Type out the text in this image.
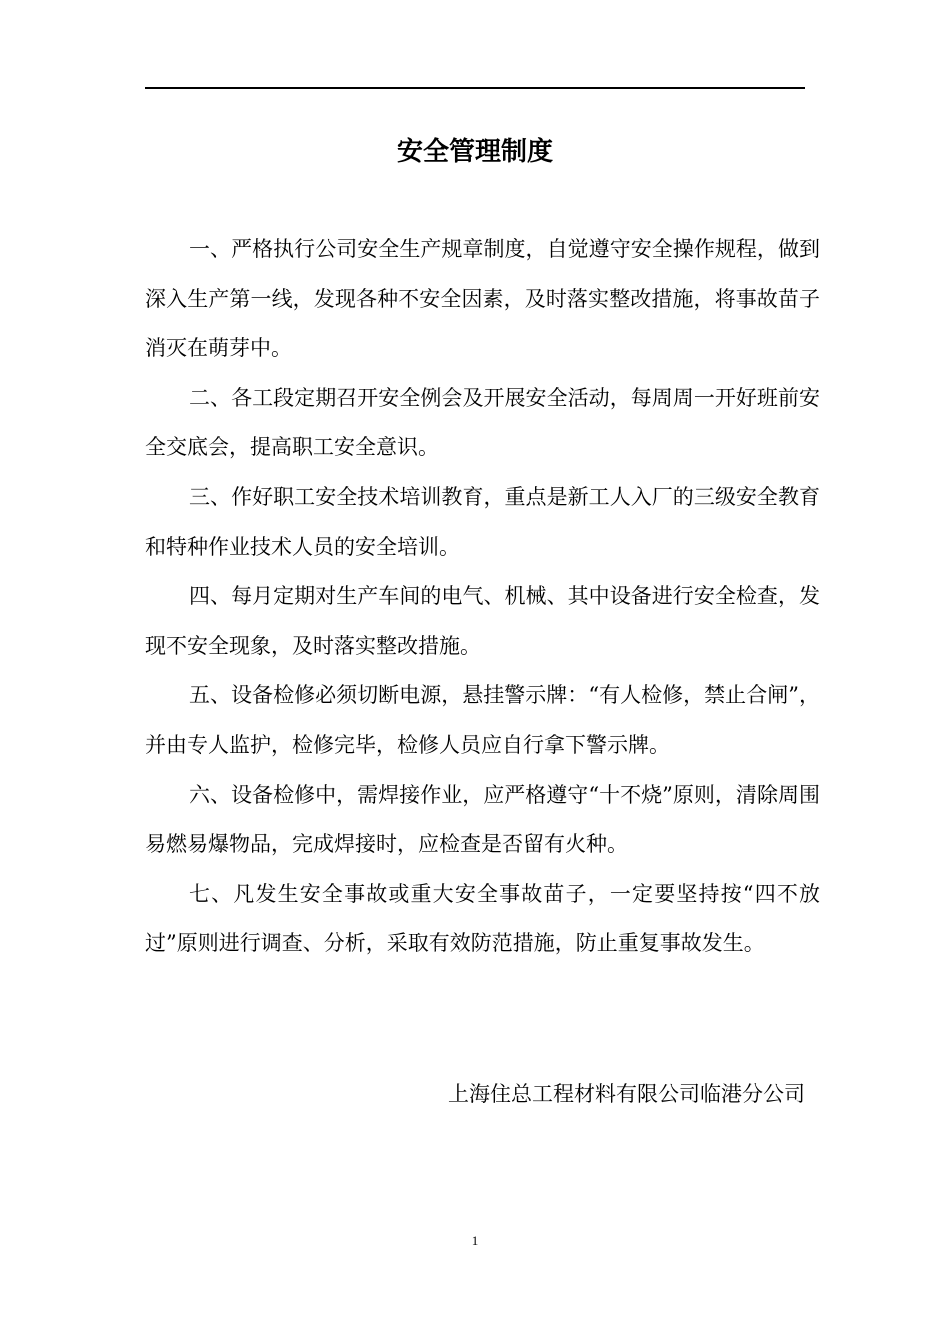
安全管理制度

一、严格执行公司安全生产规章制度，自觉遵守安全操作规程，做到深入生产第一线，发现各种不安全因素，及时落实整改措施，将事故苗子消灭在萌芽中。

二、各工段定期召开安全例会及开展安全活动，每周周一开好班前安全交底会，提高职工安全意识。

三、作好职工安全技术培训教育，重点是新工人入厂的三级安全教育和特种作业技术人员的安全培训。

四、每月定期对生产车间的电气、机械、其中设备进行安全检查，发现不安全现象，及时落实整改措施。

五、设备检修必须切断电源，悬挂警示牌：“有人检修，禁止合闸”，并由专人监护，检修完毕，检修人员应自行拿下警示牌。

六、设备检修中，需焊接作业，应严格遵守“十不烧”原则，清除周围易燃易爆物品，完成焊接时，应检查是否留有火种。

七、凡发生安全事故或重大安全事故苗子，一定要坚持按“四不放过”原则进行调查、分析，采取有效防范措施，防止重复事故发生。

上海住总工程材料有限公司临港分公司
1
